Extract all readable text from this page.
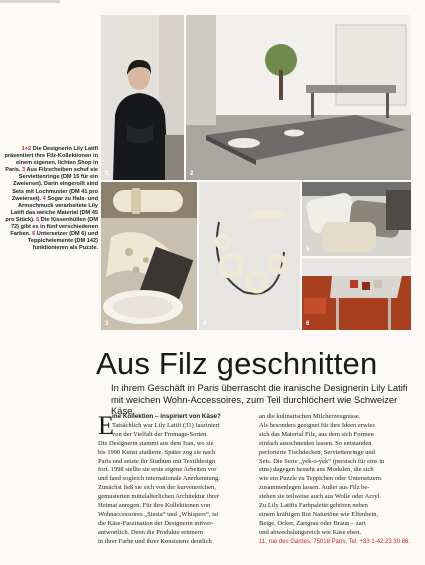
1+2 Die Designerin Lily Latifi präsentiert ihre Filz-Kollektionen in einem eigenen, lichten Shop in Paris. 3 Aus Filzscheiben schuf sie Serviettenringe (DM 15 für ein Zweierset). Darin eingerollt sind Sets mit Lochmuster (DM 41 pro Zweierset). 4 Sogar zu Hals- und Armschmuck verarbeitete Lily Latifi das weiche Material (DM 45 pro Stück). 5 Die Kissenhüllen (DM 72) gibt es in fünf verschiedenen Farben. 6 Untersetzer (DM 6) und Teppichelemente (DM 142) funktionieren als Puzzle.
1	2
3	4
5
6
Aus Filz geschnitten
In ihrem Geschäft in Paris überrascht die iranische Designerin Lily Latifi mit weichen Wohn-Accessoires, zum Teil durchlöchert wie Schweizer Käse.
E
ine Kollektion – inspiriert von Käse?
Tatsächlich war Lily Latifi (31) fasziniert
von der Vielfalt der Fromage-Sorten.
Die Designerin stammt aus dem Iran, wo sie
bis 1990 Kunst studierte. Später zog sie nach
Paris und setzte ihr Studium mit Textildesign
fort. 1998 stellte sie erste eigene Arbeiten vor
und fand sogleich internationale Anerkennung.
Zunächst ließ sie sich von der kurvenreichen,
gemusterten mittelalterlichen Architektur ihrer
Heimat anregen. Für ihre Kollektionen von
Wohnaccessoires „Siesta“ und „Whispers“, ist
die Käse-Faszination der Designerin mitver-
antwortlich. Denn die Produkte erinnern
in ihrer Farbe und ihrer Konsistenz deutlich
an die kulinarischen Milcherzeugnisse.
Als besonders geeignet für ihre Ideen erwies
sich das Material Filz, aus dem sich Formen
einfach ausschneiden lassen. So entstanden
perforierte Tischdecken, Serviettenringe und
Sets. Die Serie „yek-o-yek“ (persisch für eins in
eins) dagegen besteht aus Modulen, die sich
wie ein Puzzle zu Teppichen oder Untersetzern
zusammenlegen lassen. Außer aus Filz be-
stehen sie teilweise auch aus Wolle oder Acryl.
Zu Lily Latifis Farbpalette gehören neben
einem kräftigen Rot Naturtöne wie Elfenbein,
Beige, Ocker, Zartgrau oder Braun – zart
und abwechslungsreich wie Käse eben.
11, rue des Gardes, 75018 Paris, Tel. +33 1-42 23 30 86.
